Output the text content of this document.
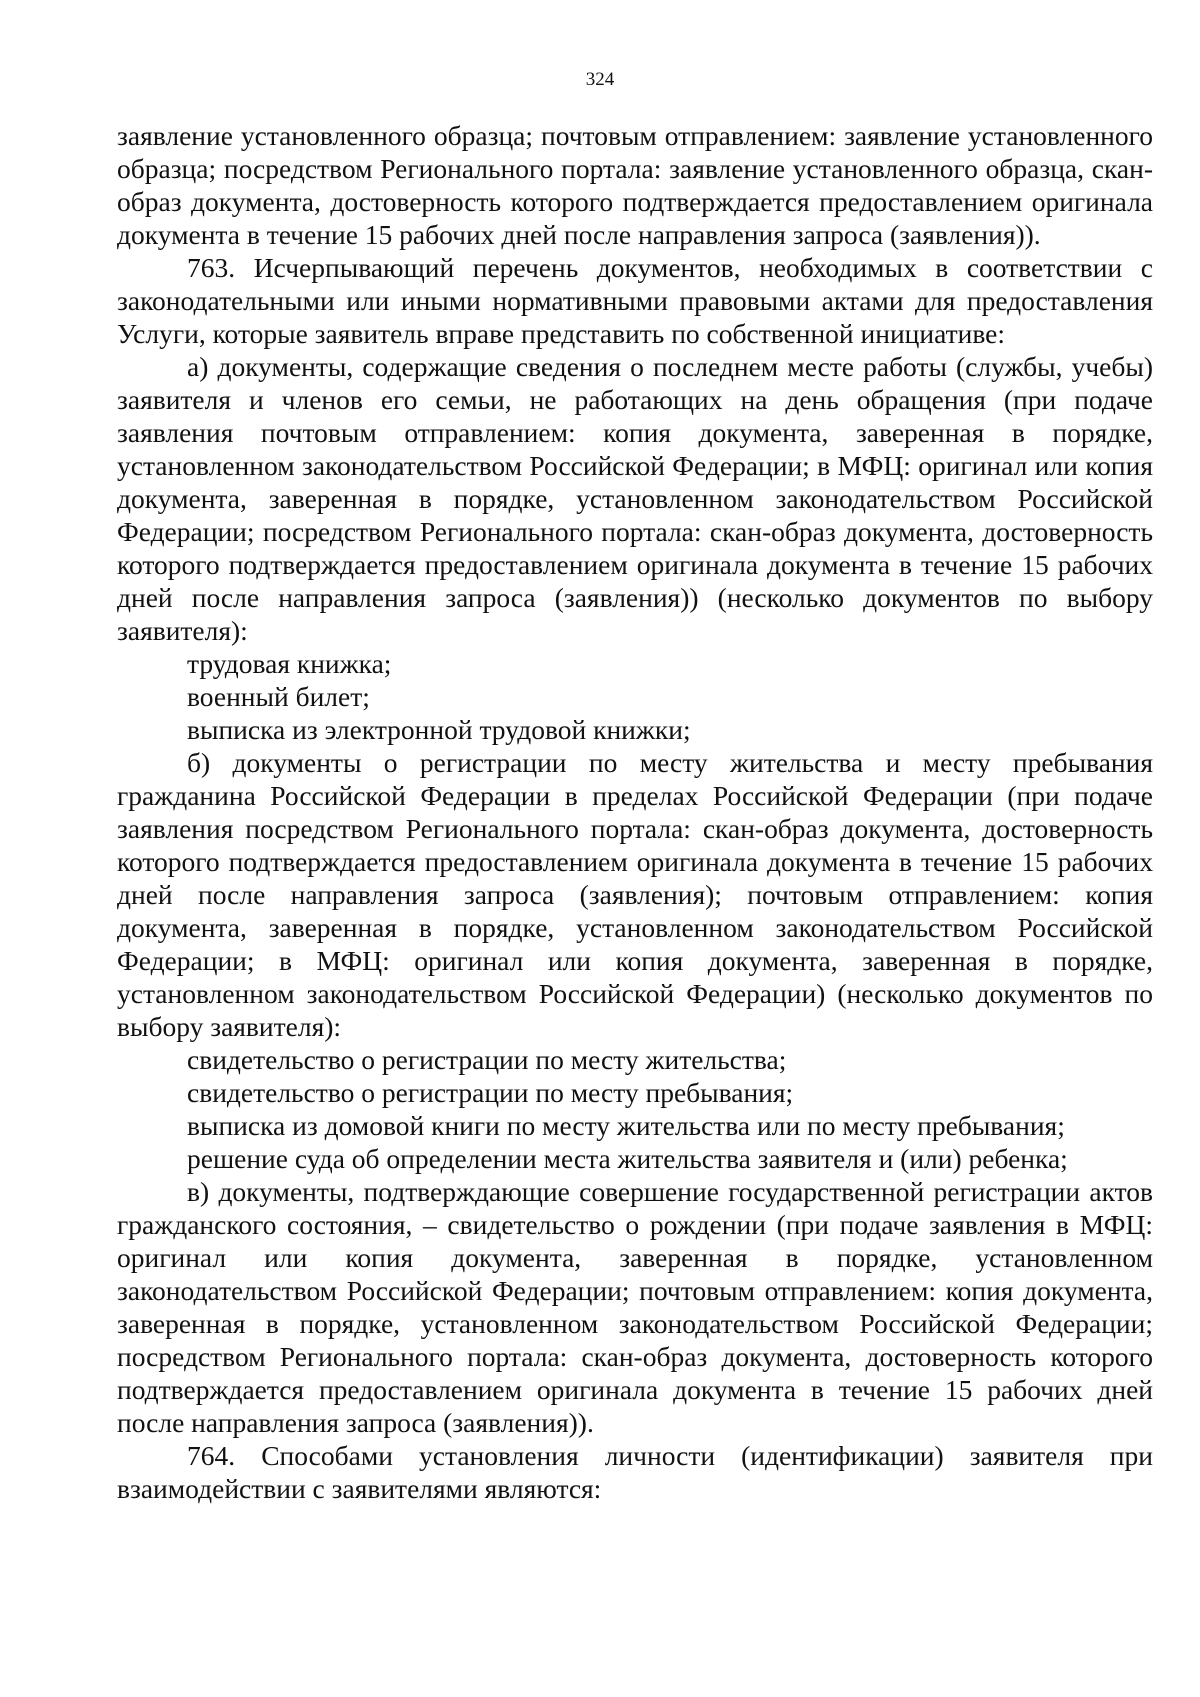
324

заявление установленного образца; почтовым отправлением: заявление установленного образца; посредством Регионального портала: заявление установленного образца, скан-образ документа, достоверность которого подтверждается предоставлением оригинала документа в течение 15 рабочих дней после направления запроса (заявления)).

763. Исчерпывающий перечень документов, необходимых в соответствии с законодательными или иными нормативными правовыми актами для предоставления Услуги, которые заявитель вправе представить по собственной инициативе:

а) документы, содержащие сведения о последнем месте работы (службы, учебы) заявителя и членов его семьи, не работающих на день обращения (при подаче заявления почтовым отправлением: копия документа, заверенная в порядке, установленном законодательством Российской Федерации; в МФЦ: оригинал или копия документа, заверенная в порядке, установленном законодательством Российской Федерации; посредством Регионального портала: скан-образ документа, достоверность которого подтверждается предоставлением оригинала документа в течение 15 рабочих дней после направления запроса (заявления)) (несколько документов по выбору заявителя):

трудовая книжка;

военный билет;

выписка из электронной трудовой книжки;

б) документы о регистрации по месту жительства и месту пребывания гражданина Российской Федерации в пределах Российской Федерации (при подаче заявления посредством Регионального портала: скан-образ документа, достоверность которого подтверждается предоставлением оригинала документа в течение 15 рабочих дней после направления запроса (заявления); почтовым отправлением: копия документа, заверенная в порядке, установленном законодательством Российской Федерации; в МФЦ: оригинал или копия документа, заверенная в порядке, установленном законодательством Российской Федерации) (несколько документов по выбору заявителя):

свидетельство о регистрации по месту жительства;

свидетельство о регистрации по месту пребывания;

выписка из домовой книги по месту жительства или по месту пребывания;

решение суда об определении места жительства заявителя и (или) ребенка;

в) документы, подтверждающие совершение государственной регистрации актов гражданского состояния, – свидетельство о рождении (при подаче заявления в МФЦ: оригинал или копия документа, заверенная в порядке, установленном законодательством Российской Федерации; почтовым отправлением: копия документа, заверенная в порядке, установленном законодательством Российской Федерации; посредством Регионального портала: скан-образ документа, достоверность которого подтверждается предоставлением оригинала документа в течение 15 рабочих дней после направления запроса (заявления)).

764. Способами установления личности (идентификации) заявителя при взаимодействии с заявителями являются:
